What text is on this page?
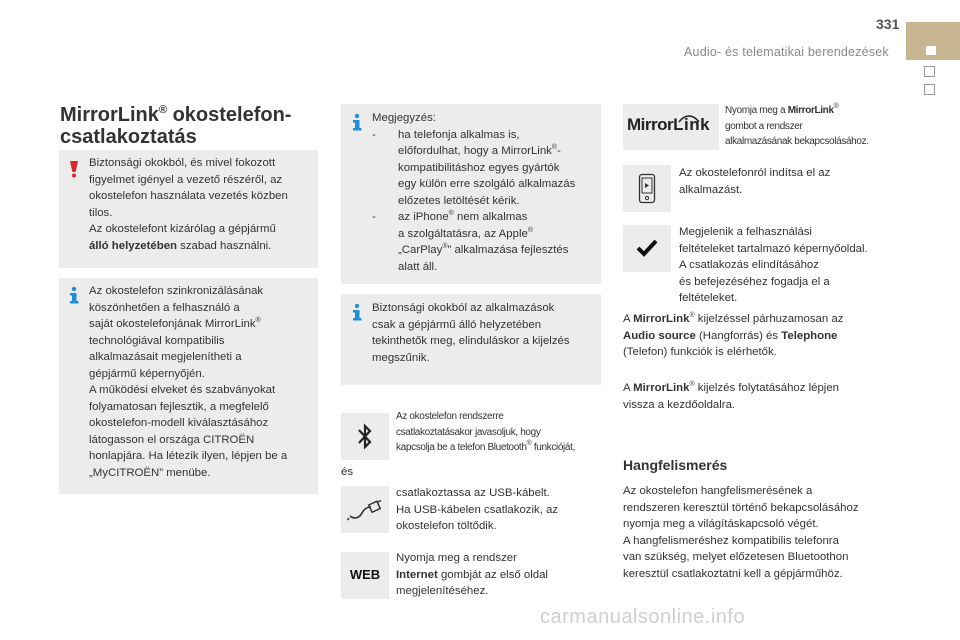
331
Audio- és telematikai berendezések
MirrorLink® okostelefon-
csatlakoztatás

Biztonsági okokból, és mivel fokozott

figyelmet igényel a vezető részéről, az

okostelefon használata vezetés közben

tilos.

Az okostelefont kizárólag a gépjármű

álló helyzetében szabad használni.

Az okostelefon szinkronizálásának

köszönhetően a felhasználó a

saját okostelefonjának MirrorLink®

technológiával kompatibilis

alkalmazásait megjelenítheti a

gépjármű képernyőjén.

A működési elveket és szabványokat

folyamatosan fejlesztik, a megfelelő

okostelefon-modell kiválasztásához

látogasson el országa CITROËN

honlapjára. Ha létezik ilyen, lépjen be a

„MyCITROËN” menübe.

Megjegyzés:

-	ha telefonja alkalmas is,

előfordulhat, hogy a MirrorLink®-

kompatibilitáshoz egyes gyártók

egy külön erre szolgáló alkalmazás

előzetes letöltését kérik.

-	az iPhone® nem alkalmas

a szolgáltatásra, az Apple®

„CarPlay®” alkalmazása fejlesztés

alatt áll.

Biztonsági okokból az alkalmazások

csak a gépjármű álló helyzetében

tekinthetők meg, elinduláskor a kijelzés

megszűnik.

Az okostelefon rendszerre

csatlakoztatásakor javasoljuk, hogy

kapcsolja be a telefon Bluetooth® funkcióját,

és

csatlakoztassa az USB-kábelt.

Ha USB-kábelen csatlakozik, az

okostelefon töltődik.

WEB

Nyomja meg a rendszer

Internet gombját az első oldal

megjelenítéséhez.

MirrorLink

Nyomja meg a MirrorLink®

gombot a rendszer

alkalmazásának bekapcsolásához.

Az okostelefonról indítsa el az

alkalmazást.

Megjelenik a felhasználási

feltételeket tartalmazó képernyőoldal.

A csatlakozás elindításához

és befejezéséhez fogadja el a

feltételeket.

A MirrorLink® kijelzéssel párhuzamosan az

Audio source (Hangforrás) és Telephone

(Telefon) funkciók is elérhetők.

A MirrorLink® kijelzés folytatásához lépjen

vissza a kezdőoldalra.

Hangfelismerés

Az okostelefon hangfelismerésének a

rendszeren keresztül történő bekapcsolásához

nyomja meg a világításkapcsoló végét.

A hangfelismeréshez kompatibilis telefonra

van szükség, melyet előzetesen Bluetoothon

keresztül csatlakoztatni kell a gépjárműhöz.

carmanualsonline.info
